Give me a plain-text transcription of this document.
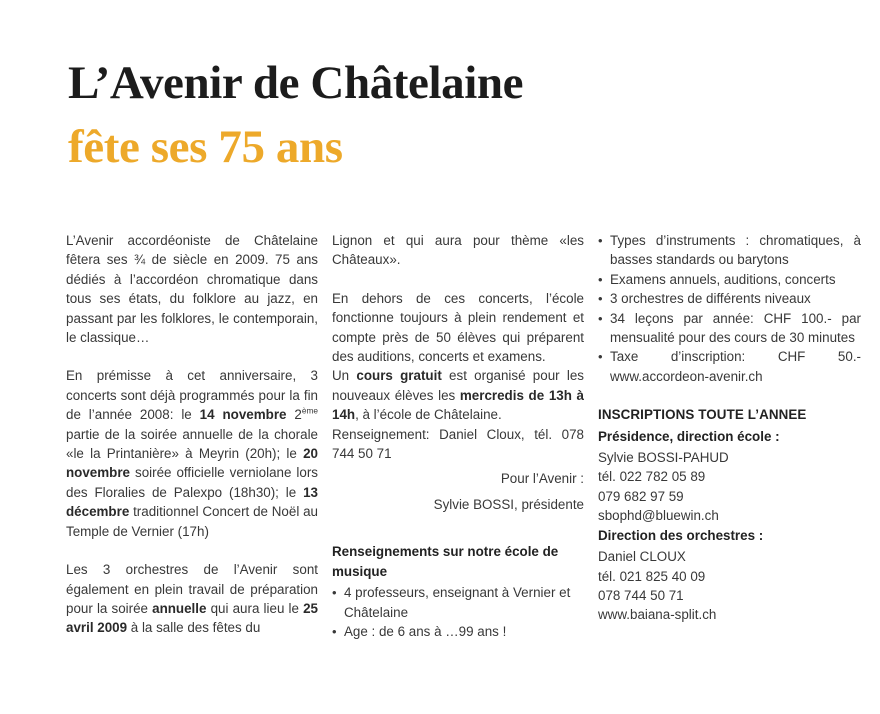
L’Avenir de Châtelaine
fête ses 75 ans

L’Avenir accordéoniste de Châtelaine fêtera ses ¾ de siècle en 2009. 75 ans dédiés à l’accordéon chromatique dans tous ses états, du folklore au jazz, en passant par les folklores, le contemporain, le classique…

En prémisse à cet anniversaire, 3 concerts sont déjà programmés pour la fin de l’année 2008: le 14 novembre 2ème partie de la soirée annuelle de la chorale «le la Printanière» à Meyrin (20h); le 20 novembre soirée officielle verniolane lors des Floralies de Palexpo (18h30); le 13 décembre traditionnel Concert de Noël au Temple de Vernier (17h)

Les 3 orchestres de l’Avenir sont également en plein travail de préparation pour la soirée annuelle qui aura lieu le 25 avril 2009 à la salle des fêtes du

Lignon et qui aura pour thème «les Châteaux».

En dehors de ces concerts, l’école fonctionne toujours à plein rendement et compte près de 50 élèves qui préparent des auditions, concerts et examens.

Un cours gratuit est organisé pour les nouveaux élèves les mercredis de 13h à 14h, à l’école de Châtelaine.

Renseignement: Daniel Cloux, tél. 078 744 50 71

Pour l’Avenir :

Sylvie BOSSI, présidente

Renseignements sur notre école de musique

• 4 professeurs, enseignant à Vernier et Châtelaine
• Age : de 6 ans à …99 ans !
• Types d’instruments : chromatiques, à basses standards ou barytons
• Examens annuels, auditions, concerts
• 3 orchestres de différents niveaux
• 34 leçons par année: CHF 100.- par mensualité pour des cours de 30 minutes
• Taxe d’inscription: CHF 50.- www.accordeon-avenir.ch

INSCRIPTIONS TOUTE L’ANNEE

Présidence, direction école :

Sylvie BOSSI-PAHUD

tél. 022 782 05 89

079 682 97 59

sbophd@bluewin.ch

Direction des orchestres :

Daniel CLOUX

tél. 021 825 40 09

078 744 50 71

www.baiana-split.ch
